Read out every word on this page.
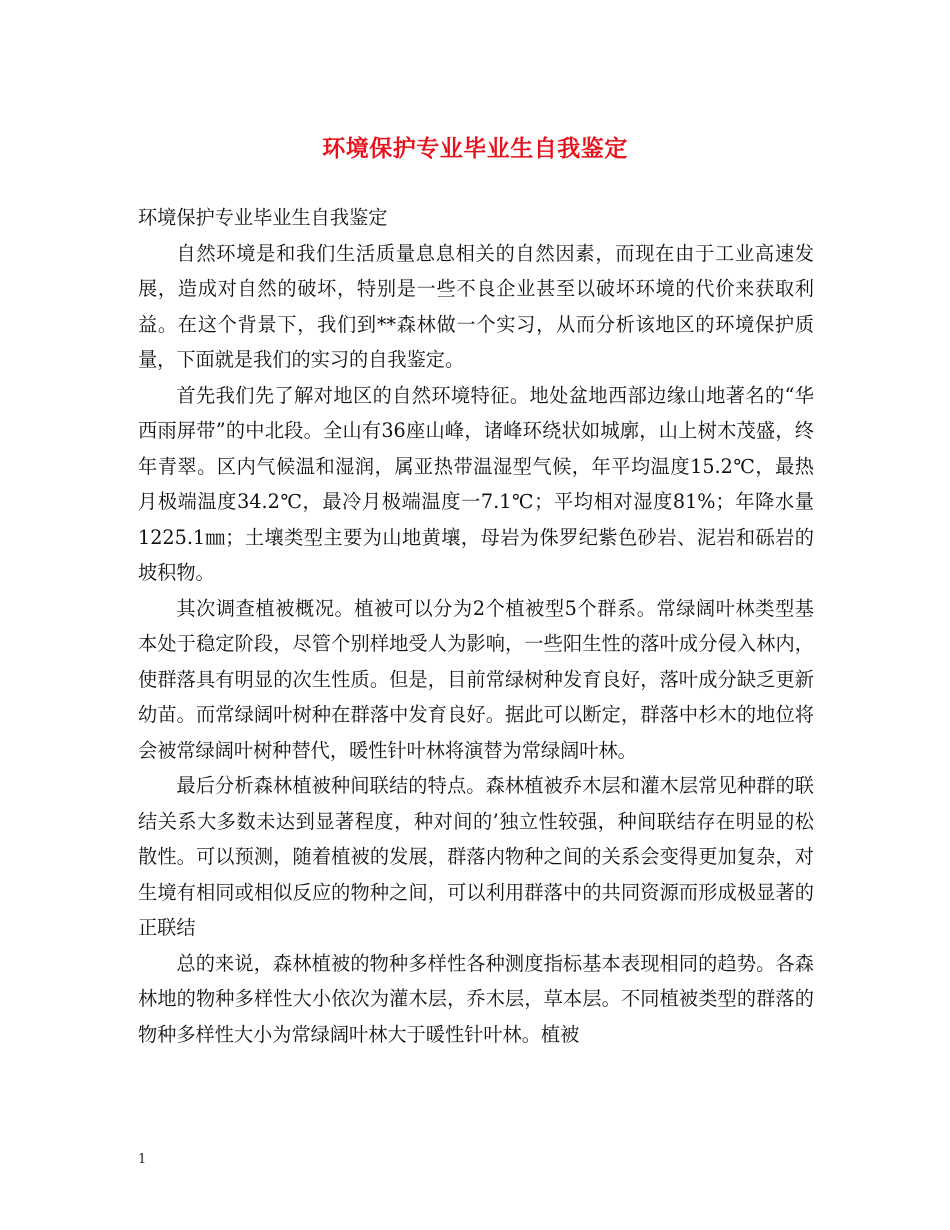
环境保护专业毕业生自我鉴定

环境保护专业毕业生自我鉴定

自然环境是和我们生活质量息息相关的自然因素，而现在由于工业高速发展，造成对自然的破坏，特别是一些不良企业甚至以破坏环境的代价来获取利益。在这个背景下，我们到**森林做一个实习，从而分析该地区的环境保护质量，下面就是我们的实习的自我鉴定。

首先我们先了解对地区的自然环境特征。地处盆地西部边缘山地著名的“华西雨屏带”的中北段。全山有36座山峰，诸峰环绕状如城廓，山上树木茂盛，终年青翠。区内气候温和湿润，属亚热带温湿型气候，年平均温度15.2℃，最热月极端温度34.2℃，最冷月极端温度一7.1℃；平均相对湿度81%；年降水量 1225.1㎜；土壤类型主要为山地黄壤，母岩为侏罗纪紫色砂岩、泥岩和砾岩的坡积物。

其次调查植被概况。植被可以分为2个植被型5个群系。常绿阔叶林类型基本处于稳定阶段，尽管个别样地受人为影响，一些阳生性的落叶成分侵入林内，使群落具有明显的次生性质。但是，目前常绿树种发育良好，落叶成分缺乏更新幼苗。而常绿阔叶树种在群落中发育良好。据此可以断定，群落中杉木的地位将会被常绿阔叶树种替代，暖性针叶林将演替为常绿阔叶林。

最后分析森林植被种间联结的特点。森林植被乔木层和灌木层常见种群的联结关系大多数未达到显著程度，种对间的’独立性较强，种间联结存在明显的松散性。可以预测，随着植被的发展，群落内物种之间的关系会变得更加复杂，对生境有相同或相似反应的物种之间，可以利用群落中的共同资源而形成极显著的正联结

总的来说，森林植被的物种多样性各种测度指标基本表现相同的趋势。各森林地的物种多样性大小依次为灌木层，乔木层，草本层。不同植被类型的群落的物种多样性大小为常绿阔叶林大于暖性针叶林。植被

1
